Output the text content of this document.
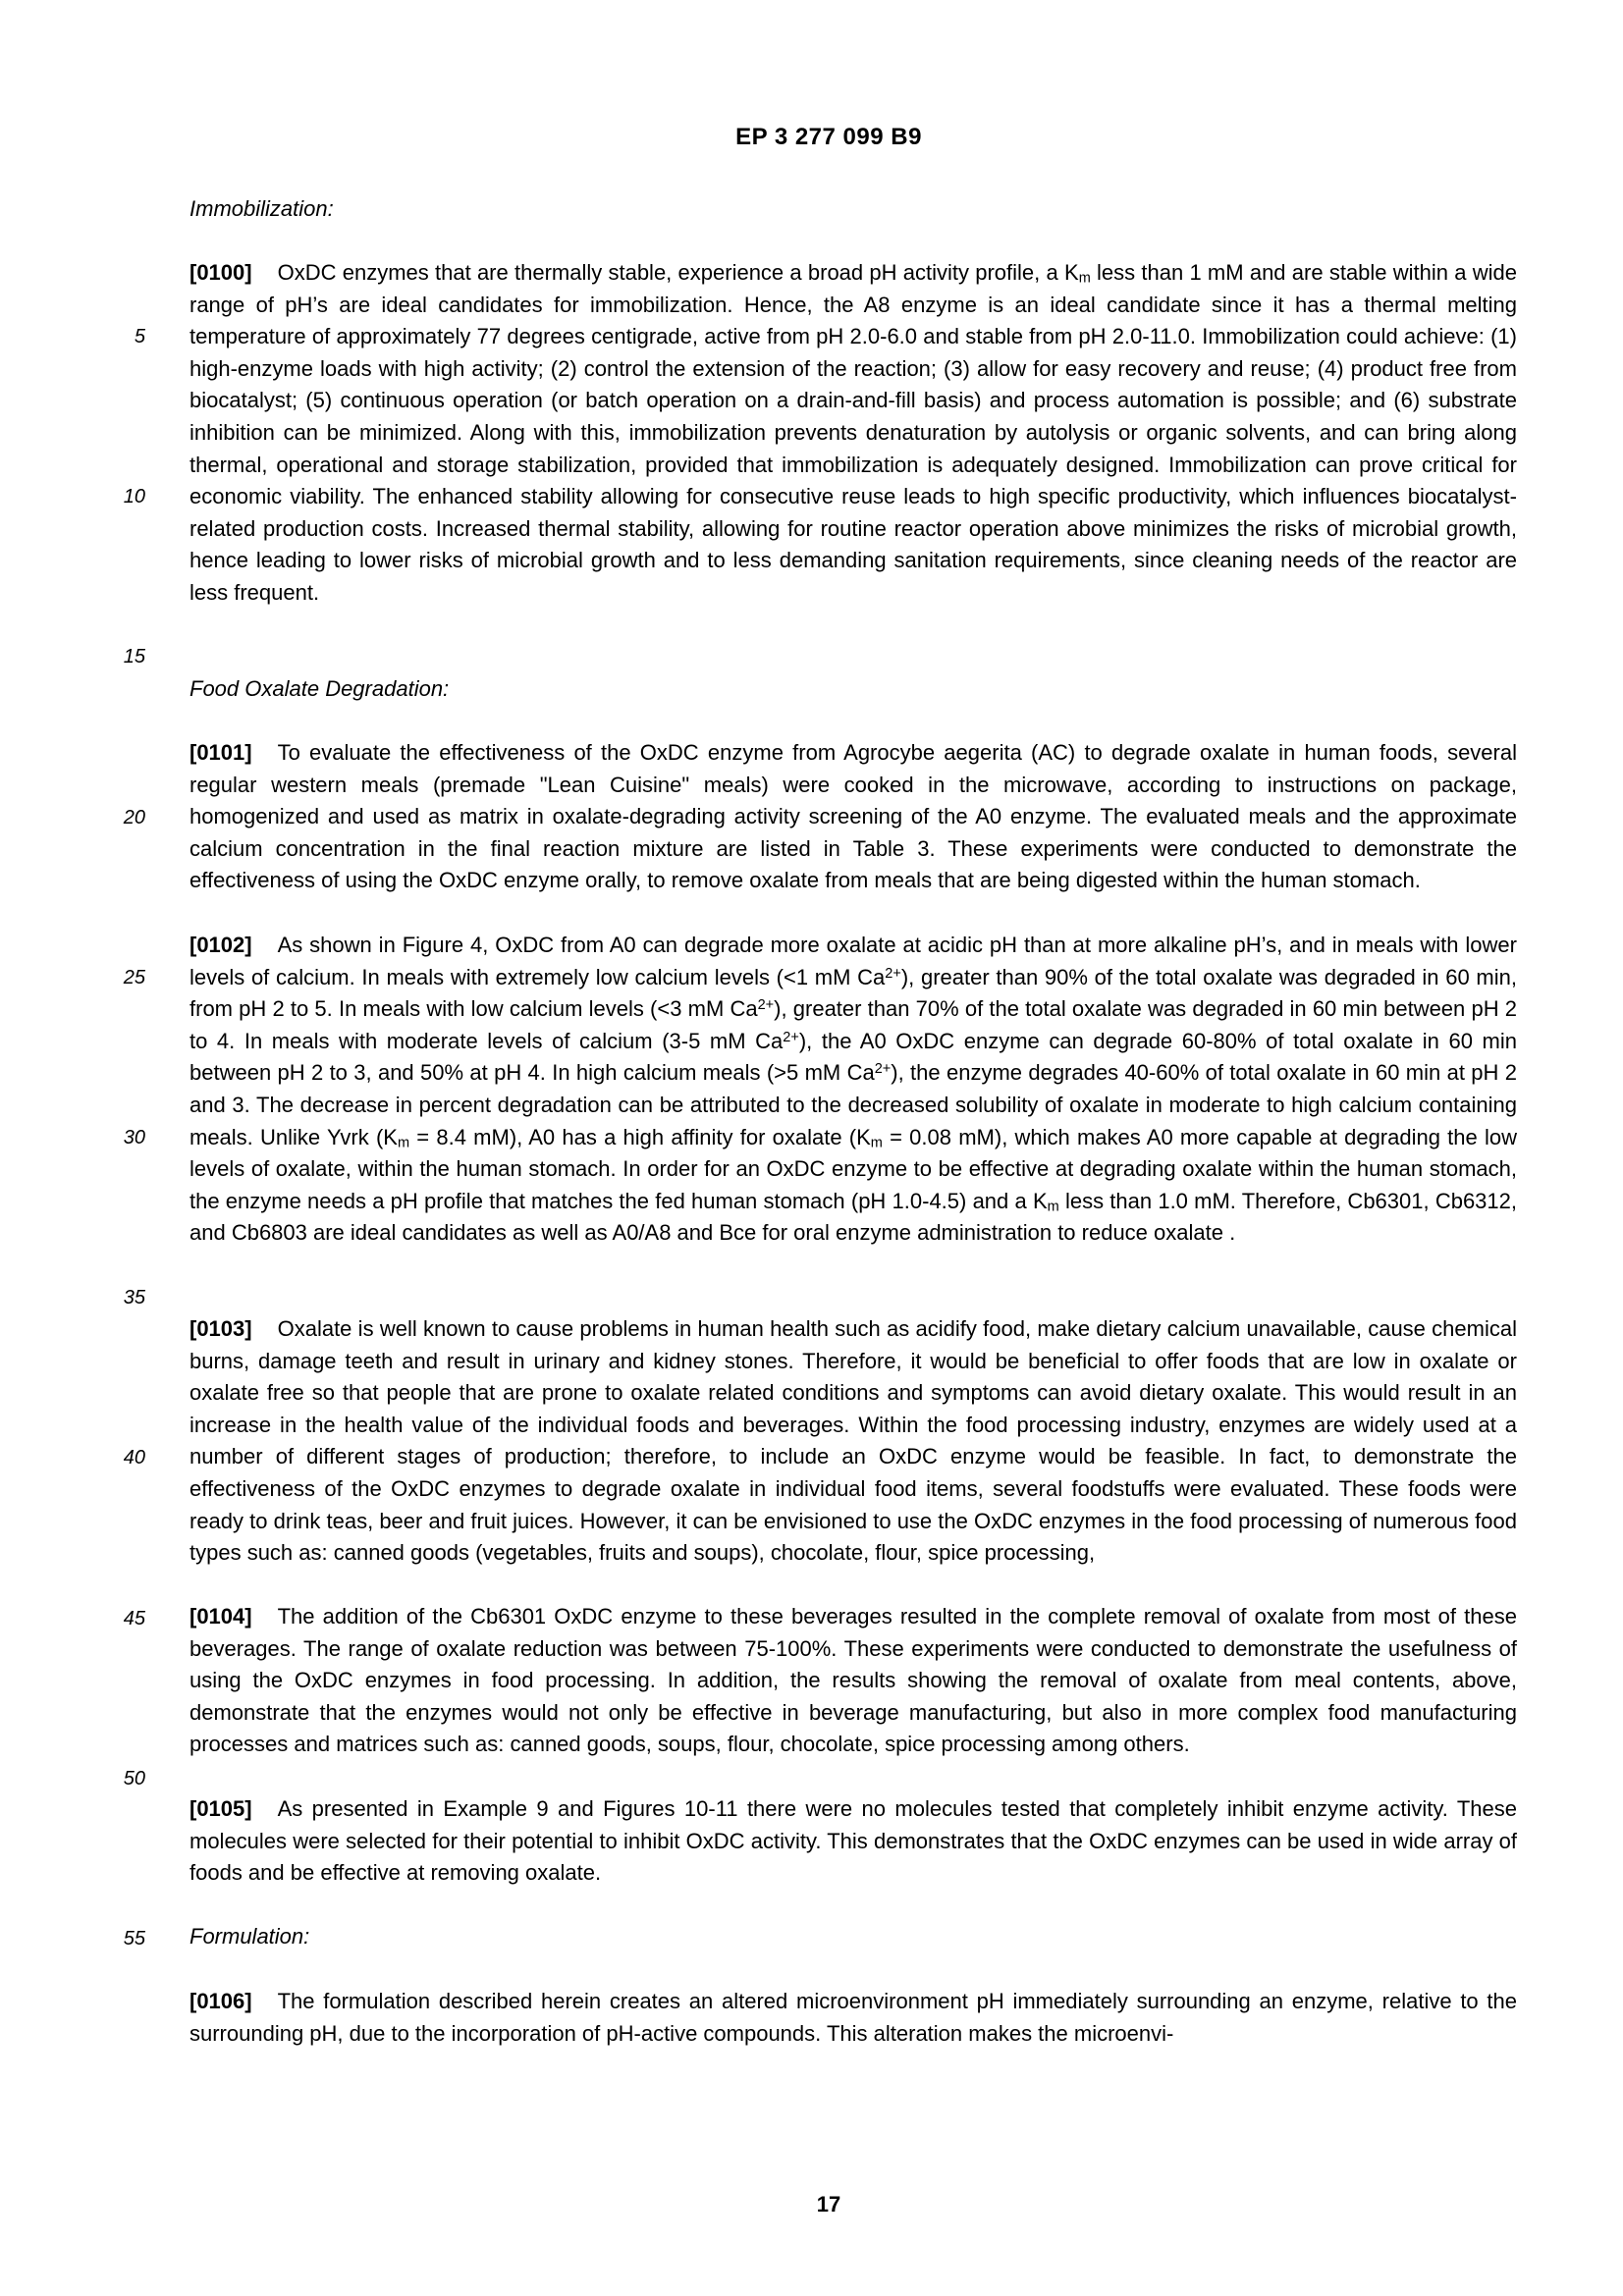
EP 3 277 099 B9
5
10
15
20
25
30
35
40
45
50
55
Immobilization:

[0100] OxDC enzymes that are thermally stable, experience a broad pH activity profile, a $K_m$ less than 1 mM and are stable within a wide range of pH’s are ideal candidates for immobilization. Hence, the A8 enzyme is an ideal candidate since it has a thermal melting temperature of approximately 77 degrees centigrade, active from pH 2.0-6.0 and stable from pH 2.0-11.0. Immobilization could achieve: (1) high-enzyme loads with high activity; (2) control the extension of the reaction; (3) allow for easy recovery and reuse; (4) product free from biocatalyst; (5) continuous operation (or batch operation on a drain-and-fill basis) and process automation is possible; and (6) substrate inhibition can be minimized. Along with this, immobilization prevents denaturation by autolysis or organic solvents, and can bring along thermal, operational and storage stabilization, provided that immobilization is adequately designed. Immobilization can prove critical for economic viability. The enhanced stability allowing for consecutive reuse leads to high specific productivity, which influences biocatalyst-related production costs. Increased thermal stability, allowing for routine reactor operation above minimizes the risks of microbial growth, hence leading to lower risks of microbial growth and to less demanding sanitation requirements, since cleaning needs of the reactor are less frequent.

Food Oxalate Degradation:

[0101] To evaluate the effectiveness of the OxDC enzyme from Agrocybe aegerita (AC) to degrade oxalate in human foods, several regular western meals (premade "Lean Cuisine" meals) were cooked in the microwave, according to instructions on package, homogenized and used as matrix in oxalate-degrading activity screening of the A0 enzyme. The evaluated meals and the approximate calcium concentration in the final reaction mixture are listed in Table 3. These experiments were conducted to demonstrate the effectiveness of using the OxDC enzyme orally, to remove oxalate from meals that are being digested within the human stomach.

[0102] As shown in Figure 4, OxDC from A0 can degrade more oxalate at acidic pH than at more alkaline pH’s, and in meals with lower levels of calcium. In meals with extremely low calcium levels (<1 mM $Ca^{2+}$), greater than 90% of the total oxalate was degraded in 60 min, from pH 2 to 5. In meals with low calcium levels (<3 mM $Ca^{2+}$), greater than 70% of the total oxalate was degraded in 60 min between pH 2 to 4. In meals with moderate levels of calcium (3-5 mM $Ca^{2+}$), the A0 OxDC enzyme can degrade 60-80% of total oxalate in 60 min between pH 2 to 3, and 50% at pH 4. In high calcium meals (>5 mM $Ca^{2+}$), the enzyme degrades 40-60% of total oxalate in 60 min at pH 2 and 3. The decrease in percent degradation can be attributed to the decreased solubility of oxalate in moderate to high calcium containing meals. Unlike Yvrk ($K_m = 8.4$ mM), A0 has a high affinity for oxalate ($K_m = 0.08$ mM), which makes A0 more capable at degrading the low levels of oxalate, within the human stomach. In order for an OxDC enzyme to be effective at degrading oxalate within the human stomach, the enzyme needs a pH profile that matches the fed human stomach (pH 1.0-4.5) and a $K_m$ less than 1.0 mM. Therefore, Cb6301, Cb6312, and Cb6803 are ideal candidates as well as A0/A8 and Bce for oral enzyme administration to reduce oxalate .

[0103] Oxalate is well known to cause problems in human health such as acidify food, make dietary calcium unavailable, cause chemical burns, damage teeth and result in urinary and kidney stones. Therefore, it would be beneficial to offer foods that are low in oxalate or oxalate free so that people that are prone to oxalate related conditions and symptoms can avoid dietary oxalate. This would result in an increase in the health value of the individual foods and beverages. Within the food processing industry, enzymes are widely used at a number of different stages of production; therefore, to include an OxDC enzyme would be feasible. In fact, to demonstrate the effectiveness of the OxDC enzymes to degrade oxalate in individual food items, several foodstuffs were evaluated. These foods were ready to drink teas, beer and fruit juices. However, it can be envisioned to use the OxDC enzymes in the food processing of numerous food types such as: canned goods (vegetables, fruits and soups), chocolate, flour, spice processing,

[0104] The addition of the Cb6301 OxDC enzyme to these beverages resulted in the complete removal of oxalate from most of these beverages. The range of oxalate reduction was between 75-100%. These experiments were conducted to demonstrate the usefulness of using the OxDC enzymes in food processing. In addition, the results showing the removal of oxalate from meal contents, above, demonstrate that the enzymes would not only be effective in beverage manufacturing, but also in more complex food manufacturing processes and matrices such as: canned goods, soups, flour, chocolate, spice processing among others.

[0105] As presented in Example 9 and Figures 10-11 there were no molecules tested that completely inhibit enzyme activity. These molecules were selected for their potential to inhibit OxDC activity. This demonstrates that the OxDC enzymes can be used in wide array of foods and be effective at removing oxalate.

Formulation:

[0106] The formulation described herein creates an altered microenvironment pH immediately surrounding an enzyme, relative to the surrounding pH, due to the incorporation of pH-active compounds. This alteration makes the microenvi-

17
